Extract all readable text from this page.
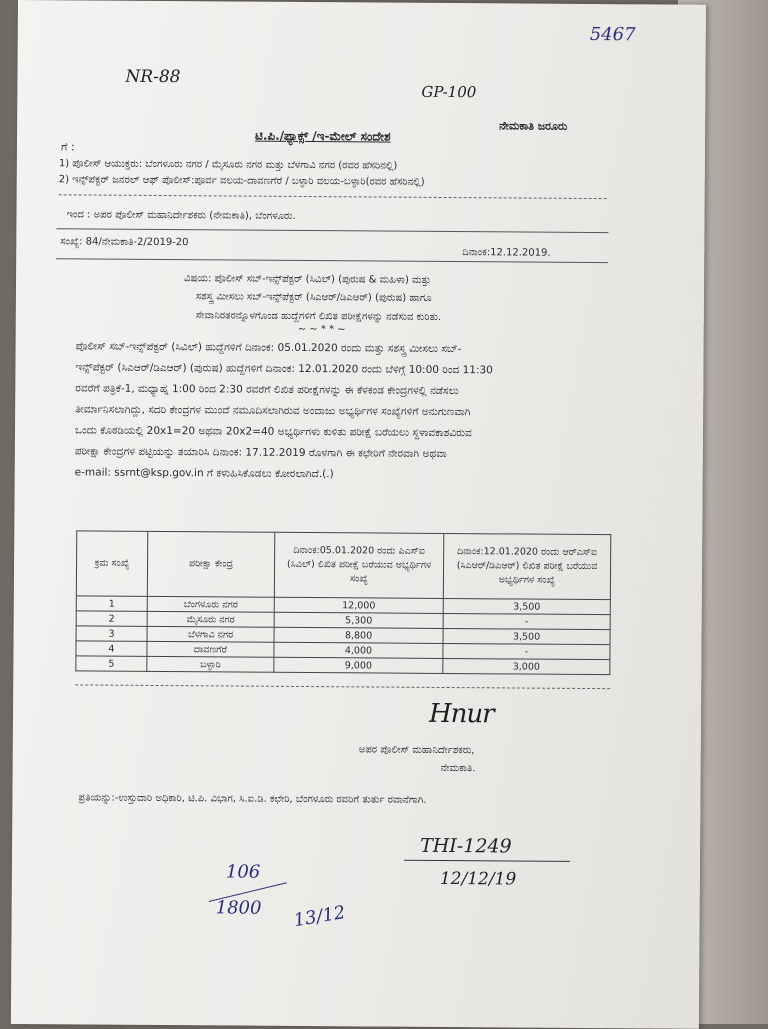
5467
NR-88
GP-100
ನೇಮಕಾತಿ ಜರೂರು
ಟಿ.ಪಿ./ಫ್ಯಾಕ್ಸ್ /ಇ-ಮೇಲ್ ಸಂದೇಶ
ಗೆ :
1) ಪೊಲೀಸ್ ಆಯುಕ್ತರು: ಬೆಂಗಳೂರು ನಗರ / ಮೈಸೂರು ನಗರ ಮತ್ತು ಬೆಳಗಾವಿ ನಗರ (ರವರ ಹೆಸರಿನಲ್ಲಿ)
2) ಇನ್ಸ್‌ಪೆಕ್ಟರ್ ಜನರಲ್ ಆಫ್ ಪೊಲೀಸ್:ಪೂರ್ವ ವಲಯ-ದಾವಣಗೆರೆ / ಬಳ್ಳಾರಿ ವಲಯ-ಬಳ್ಳಾರಿ(ರವರ ಹೆಸರಿನಲ್ಲಿ)
ಇಂದ : ಅಪರ ಪೊಲೀಸ್ ಮಹಾನಿರ್ದೇಶಕರು (ನೇಮಕಾತಿ), ಬೆಂಗಳೂರು.
ಸಂಖ್ಯೆ: 84/ನೇಮಕಾತಿ-2/2019-20
ದಿನಾಂಕ:12.12.2019.
ವಿಷಯ: ಪೊಲೀಸ್ ಸಬ್-ಇನ್ಸ್‌ಪೆಕ್ಟರ್ (ಸಿವಿಲ್) (ಪುರುಷ & ಮಹಿಳಾ) ಮತ್ತು
ಸಶಸ್ತ್ರ ಮೀಸಲು ಸಬ್-ಇನ್ಸ್‌ಪೆಕ್ಟರ್ (ಸಿಎಆರ್/ಡಿಎಆರ್) (ಪುರುಷ) ಹಾಗೂ
ಸೇವಾನಿರತರನ್ನೊಳಗೊಂಡ ಹುದ್ದೆಗಳಿಗೆ ಲಿಖಿತ ಪರೀಕ್ಷೆಗಳನ್ನು ನಡೆಸುವ ಕುರಿತು.
~ ~ * * ~
ಪೊಲೀಸ್ ಸಬ್-ಇನ್ಸ್‌ಪೆಕ್ಟರ್ (ಸಿವಿಲ್) ಹುದ್ದೆಗಳಿಗೆ ದಿನಾಂಕ: 05.01.2020 ರಂದು ಮತ್ತು ಸಶಸ್ತ್ರ ಮೀಸಲು ಸಬ್-
ಇನ್ಸ್‌ಪೆಕ್ಟರ್ (ಸಿಎಆರ್/ಡಿಎಆರ್) (ಪುರುಷ) ಹುದ್ದೆಗಳಿಗೆ ದಿನಾಂಕ: 12.01.2020 ರಂದು ಬೆಳಿಗ್ಗೆ 10:00 ರಿಂದ 11:30
ರವರೆಗೆ ಪತ್ರಿಕೆ-1, ಮಧ್ಯಾಹ್ನ 1:00 ರಿಂದ 2:30 ರವರೆಗೆ ಲಿಖಿತ ಪರೀಕ್ಷೆಗಳನ್ನು ಈ ಕೆಳಕಂಡ ಕೇಂದ್ರಗಳಲ್ಲಿ ನಡೆಸಲು
ತೀರ್ಮಾನಿಸಲಾಗಿದ್ದು, ಸದರಿ ಕೇಂದ್ರಗಳ ಮುಂದೆ ನಮೂದಿಸಲಾಗಿರುವ ಅಂದಾಜು ಅಭ್ಯರ್ಥಿಗಳ ಸಂಖ್ಯೆಗಳಿಗೆ ಅನುಗುಣವಾಗಿ
ಒಂದು ಕೊಠಡಿಯಲ್ಲಿ 20x1=20 ಅಥವಾ 20x2=40 ಅಭ್ಯರ್ಥಿಗಳು ಕುಳಿತು ಪರೀಕ್ಷೆ ಬರೆಯಲು ಸ್ಥಳಾವಕಾಶವಿರುವ
ಪರೀಕ್ಷಾ ಕೇಂದ್ರಗಳ ಪಟ್ಟಿಯನ್ನು ತಯಾರಿಸಿ ದಿನಾಂಕ: 17.12.2019 ರೊಳಗಾಗಿ ಈ ಕಛೇರಿಗೆ ನೇರವಾಗಿ ಅಥವಾ
e-mail: ssrnt@ksp.gov.in ಗೆ ಕಳುಹಿಸಿಕೊಡಲು ಕೋರಲಾಗಿದೆ.(.)
ಕ್ರಮ ಸಂಖ್ಯೆ	ಪರೀಕ್ಷಾ ಕೇಂದ್ರ	ದಿನಾಂಕ:05.01.2020 ರಂದು ಪಿಎಸ್ಐ (ಸಿವಿಲ್) ಲಿಖಿತ ಪರೀಕ್ಷೆ ಬರೆಯುವ ಅಭ್ಯರ್ಥಿಗಳ ಸಂಖ್ಯೆ	ದಿನಾಂಕ:12.01.2020 ರಂದು ಆರ್‌ಎಸ್ಐ (ಸಿಎಆರ್/ಡಿಎಆರ್) ಲಿಖಿತ ಪರೀಕ್ಷೆ ಬರೆಯುವ ಅಭ್ಯರ್ಥಿಗಳ ಸಂಖ್ಯೆ
1	ಬೆಂಗಳೂರು ನಗರ	12,000	3,500
2	ಮೈಸೂರು ನಗರ	5,300	-
3	ಬೆಳಗಾವಿ ನಗರ	8,800	3,500
4	ದಾವಣಗೆರೆ	4,000	-
5	ಬಳ್ಳಾರಿ	9,000	3,000
Hnur
ಅಪರ ಪೊಲೀಸ್ ಮಹಾನಿರ್ದೇಶಕರು,
ನೇಮಕಾತಿ.
ಪ್ರತಿಯನ್ನು:-ಉಸ್ತುವಾರಿ ಅಧಿಕಾರಿ, ಟಿ.ಪಿ. ವಿಭಾಗ, ಸಿ.ಐ.ಡಿ. ಕಛೇರಿ, ಬೆಂಗಳೂರು ರವರಿಗೆ ತುರ್ತು ರವಾನೆಗಾಗಿ.
THI-1249
12/12/19
106
1800 13/12
